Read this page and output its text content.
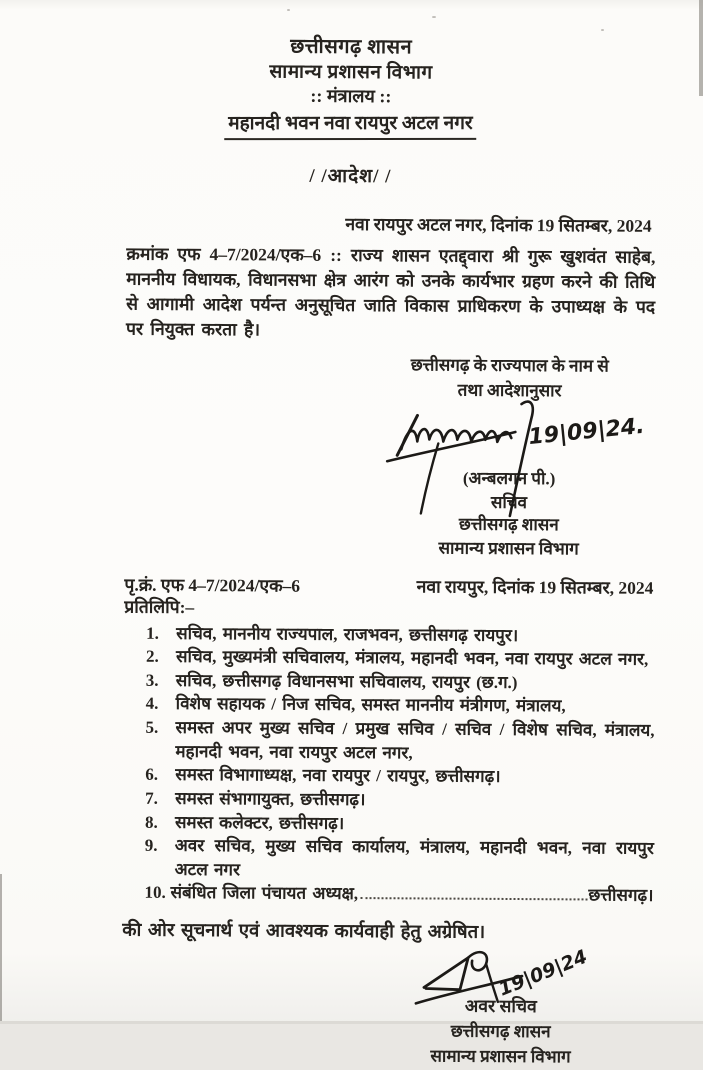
छत्तीसगढ़ शासन
सामान्य प्रशासन विभाग
:: मंत्रालय ::
महानदी भवन नवा रायपुर अटल नगर
/ /आदेश/ /
नवा रायपुर अटल नगर, दिनांक 19 सितम्बर, 2024
क्रमांक एफ 4–7/2024/एक–6 :: राज्य शासन एतद्द्वारा श्री गुरू खुशवंत साहेब, माननीय विधायक, विधानसभा क्षेत्र आरंग को उनके कार्यभार ग्रहण करने की तिथि से आगामी आदेश पर्यन्त अनुसूचित जाति विकास प्राधिकरण के उपाध्यक्ष के पद पर नियुक्त करता है।
छत्तीसगढ़ के राज्यपाल के नाम से
तथा आदेशानुसार
19|09|24.
(अन्बलगन पी.)
सचिव
छत्तीसगढ़ शासन
सामान्य प्रशासन विभाग
पृ.क्रं. एफ 4–7/2024/एक–6	नवा रायपुर, दिनांक 19 सितम्बर, 2024
प्रतिलिपि:–
1.	सचिव, माननीय राज्यपाल, राजभवन, छत्तीसगढ़ रायपुर।
2.	सचिव, मुख्यमंत्री सचिवालय, मंत्रालय, महानदी भवन, नवा रायपुर अटल नगर,
3.	सचिव, छत्तीसगढ़ विधानसभा सचिवालय, रायपुर (छ.ग.)
4.	विशेष सहायक / निज सचिव, समस्त माननीय मंत्रीगण, मंत्रालय,
5.	समस्त अपर मुख्य सचिव / प्रमुख सचिव / सचिव / विशेष सचिव, मंत्रालय, महानदी भवन, नवा रायपुर अटल नगर,
6.	समस्त विभागाध्यक्ष, नवा रायपुर / रायपुर, छत्तीसगढ़।
7.	समस्त संभागायुक्त, छत्तीसगढ़।
8.	समस्त कलेक्टर, छत्तीसगढ़।
9.	अवर सचिव, मुख्य सचिव कार्यालय, मंत्रालय, महानदी भवन, नवा रायपुर अटल नगर
10. संबंधित जिला पंचायत अध्यक्ष,	छत्तीसगढ़।
की ओर सूचनार्थ एवं आवश्यक कार्यवाही हेतु अग्रेषित।
19|09|24
अवर सचिव
छत्तीसगढ़ शासन
सामान्य प्रशासन विभाग
